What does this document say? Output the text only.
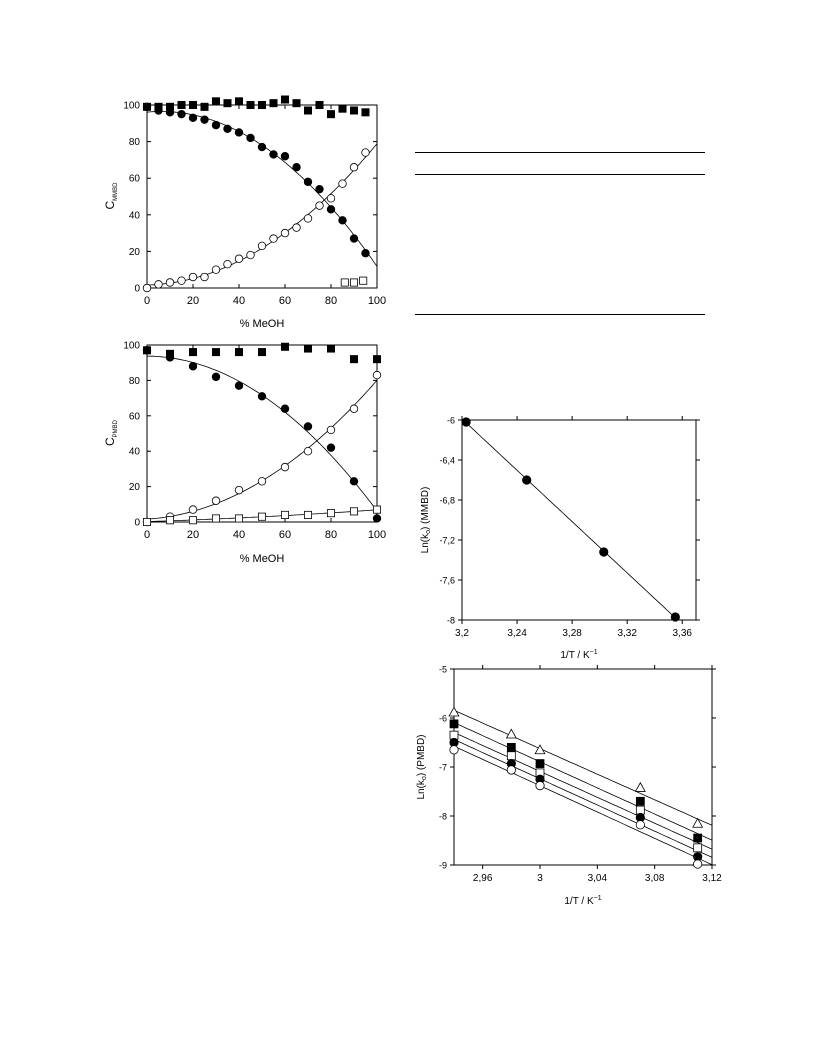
0	20	40	60	80	100
0
20
40
60
80
100
% MeOH
$C_{MMBD}$
0	20	40	60	80	100
0
20
40
60
80
100
% MeOH
$C_{PMBD}$
3,2	3,24	3,28	3,32	3,36
-6
-6,4
-6,8
-7,2
-7,6
-8
$1/T / K^{-1}$
$Ln(k_o)$ (MMBD)
2,96	3	3,04	3,08	3,12
-5
-6
-7
-8
-9
$1/T / K^{-1}$
$Ln(k_o)$ (PMBD)
